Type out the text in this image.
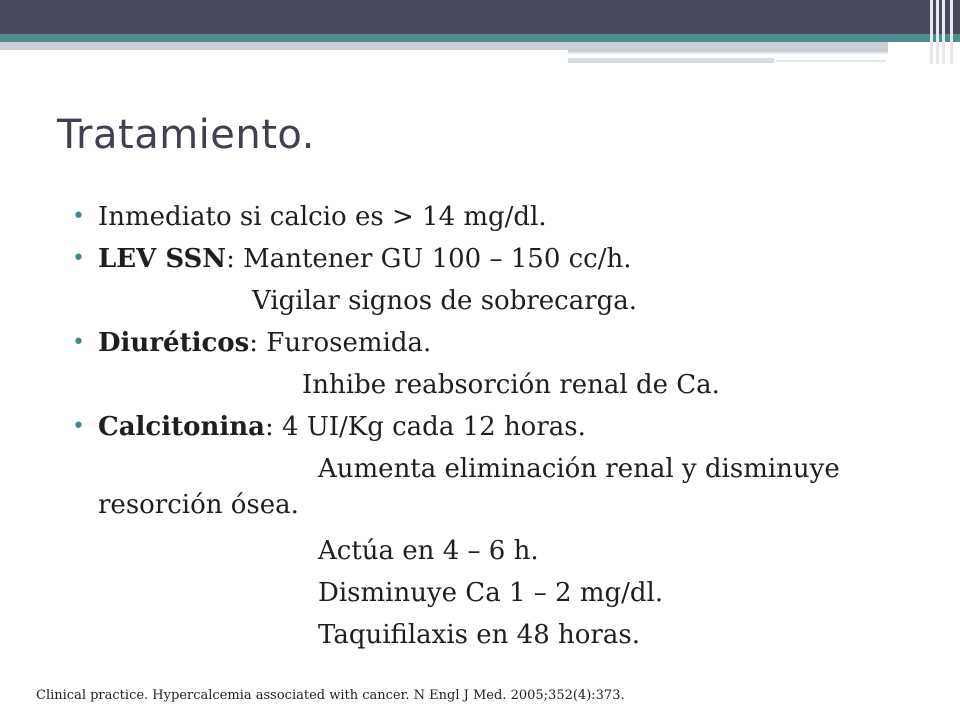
Tratamiento.
• Inmediato si calcio es > 14 mg/dl.
• LEV SSN: Mantener GU 100 – 150 cc/h.
Vigilar signos de sobrecarga.
• Diuréticos: Furosemida.
Inhibe reabsorción renal de Ca.
• Calcitonina: 4 UI/Kg cada 12 horas.
Aumenta eliminación renal y disminuye
resorción ósea.
Actúa en 4 – 6 h.
Disminuye Ca 1 – 2 mg/dl.
Taquifilaxis en 48 horas.
Clinical practice. Hypercalcemia associated with cancer. N Engl J Med. 2005;352(4):373.
